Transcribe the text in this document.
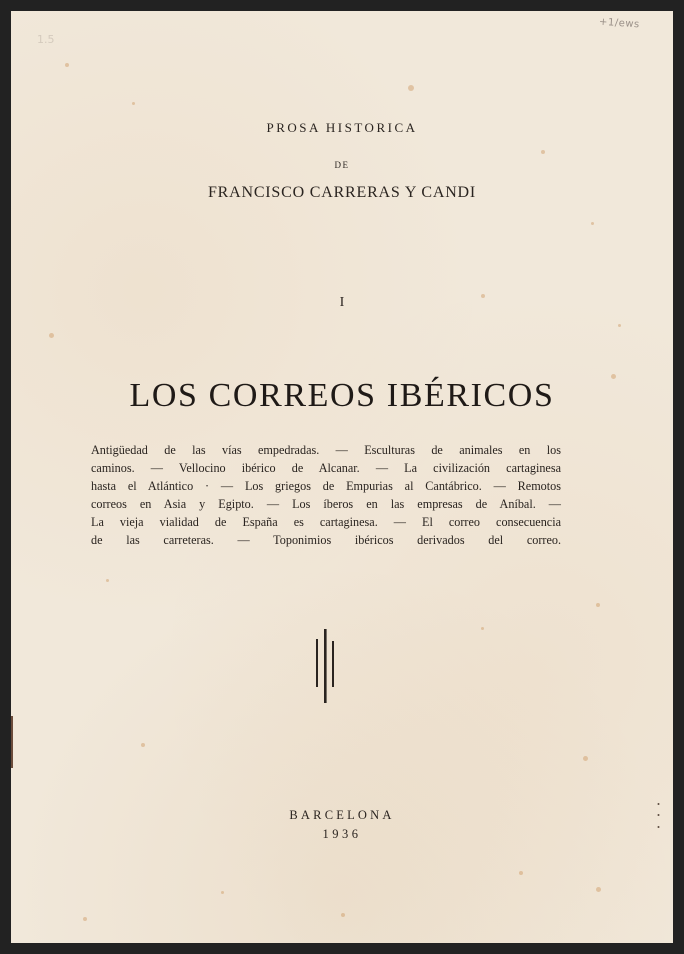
1.5
+1/ews
PROSA HISTORICA
DE
FRANCISCO CARRERAS Y CANDI
I
LOS CORREOS IBÉRICOS
Antigüedad de las vías empedradas. — Esculturas de animales en los
caminos. — Vellocino ibérico de Alcanar. — La civilización cartaginesa
hasta el Atlántico · — Los griegos de Empurias al Cantábrico. — Remotos
correos en Asia y Egipto. — Los íberos en las empresas de Aníbal. —
La vieja vialidad de España es cartaginesa. — El correo consecuencia
de las carreteras. — Toponimios ibéricos derivados del correo.
BARCELONA
1936
